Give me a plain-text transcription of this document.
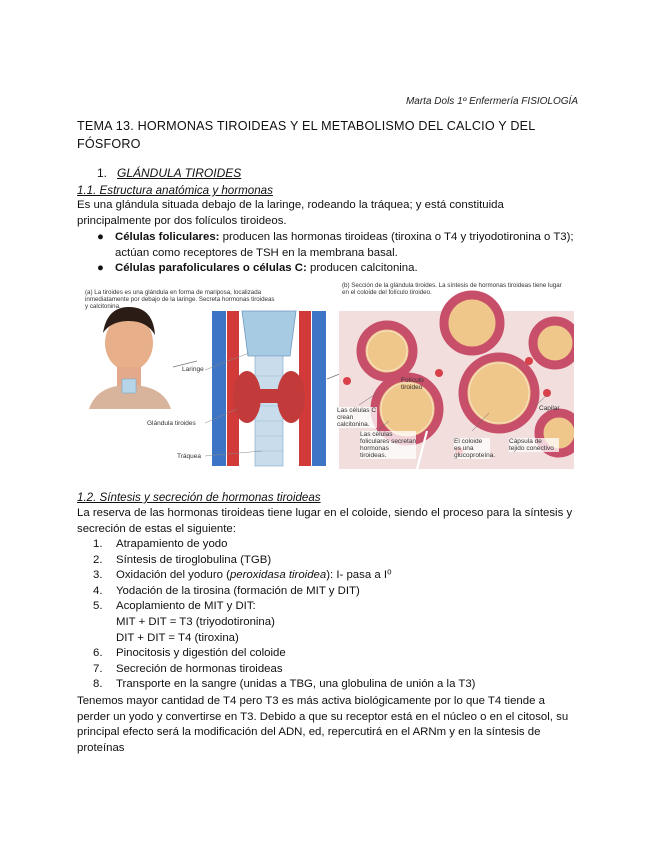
Marta Dols 1º Enfermería FISIOLOGÍA
TEMA 13. HORMONAS TIROIDEAS Y EL METABOLISMO DEL CALCIO Y DEL FÓSFORO
1. GLÁNDULA TIROIDES
1.1. Estructura anatómica y hormonas
Es una glándula situada debajo de la laringe, rodeando la tráquea; y está constituida principalmente por dos folículos tiroideos.
● Células foliculares: producen las hormonas tiroideas (tiroxina o T4 y triyodotironina o T3); actúan como receptores de TSH en la membrana basal.
● Células parafoliculares o células C: producen calcitonina.
(a) La tiroides es una glándula en forma de mariposa, localizada inmediatamente por debajo de la laringe. Secreta hormonas tiroideas y calcitonina.
(b) Sección de la glándula tiroides. La síntesis de hormonas tiroideas tiene lugar en el coloide del folículo tiroideo.
Laringe
Glándula tiroides
Tráquea
Folículo tiroideo
Las células C crean calcitonina.
Las células foliculares secretan hormonas tiroideas.
El coloide es una glucoproteína.
Capilar
Cápsula de tejido conectivo
1.2. Síntesis y secreción de hormonas tiroideas
La reserva de las hormonas tiroideas tiene lugar en el coloide, siendo el proceso para la síntesis y secreción de estas el siguiente:
1. Atrapamiento de yodo
2. Síntesis de tiroglobulina (TGB)
3. Oxidación del yoduro (peroxidasa tiroidea): I- pasa a I⁰
4. Yodación de la tirosina (formación de MIT y DIT)
5. Acoplamiento de MIT y DIT:
MIT + DIT = T3 (triyodotironina)
DIT + DIT = T4 (tiroxina)
6. Pinocitosis y digestión del coloide
7. Secreción de hormonas tiroideas
8. Transporte en la sangre (unidas a TBG, una globulina de unión a la T3)
Tenemos mayor cantidad de T4 pero T3 es más activa biológicamente por lo que T4 tiende a perder un yodo y convertirse en T3. Debido a que su receptor está en el núcleo o en el citosol, su principal efecto será la modificación del ADN, ed, repercutirá en el ARNm y en la síntesis de proteínas
